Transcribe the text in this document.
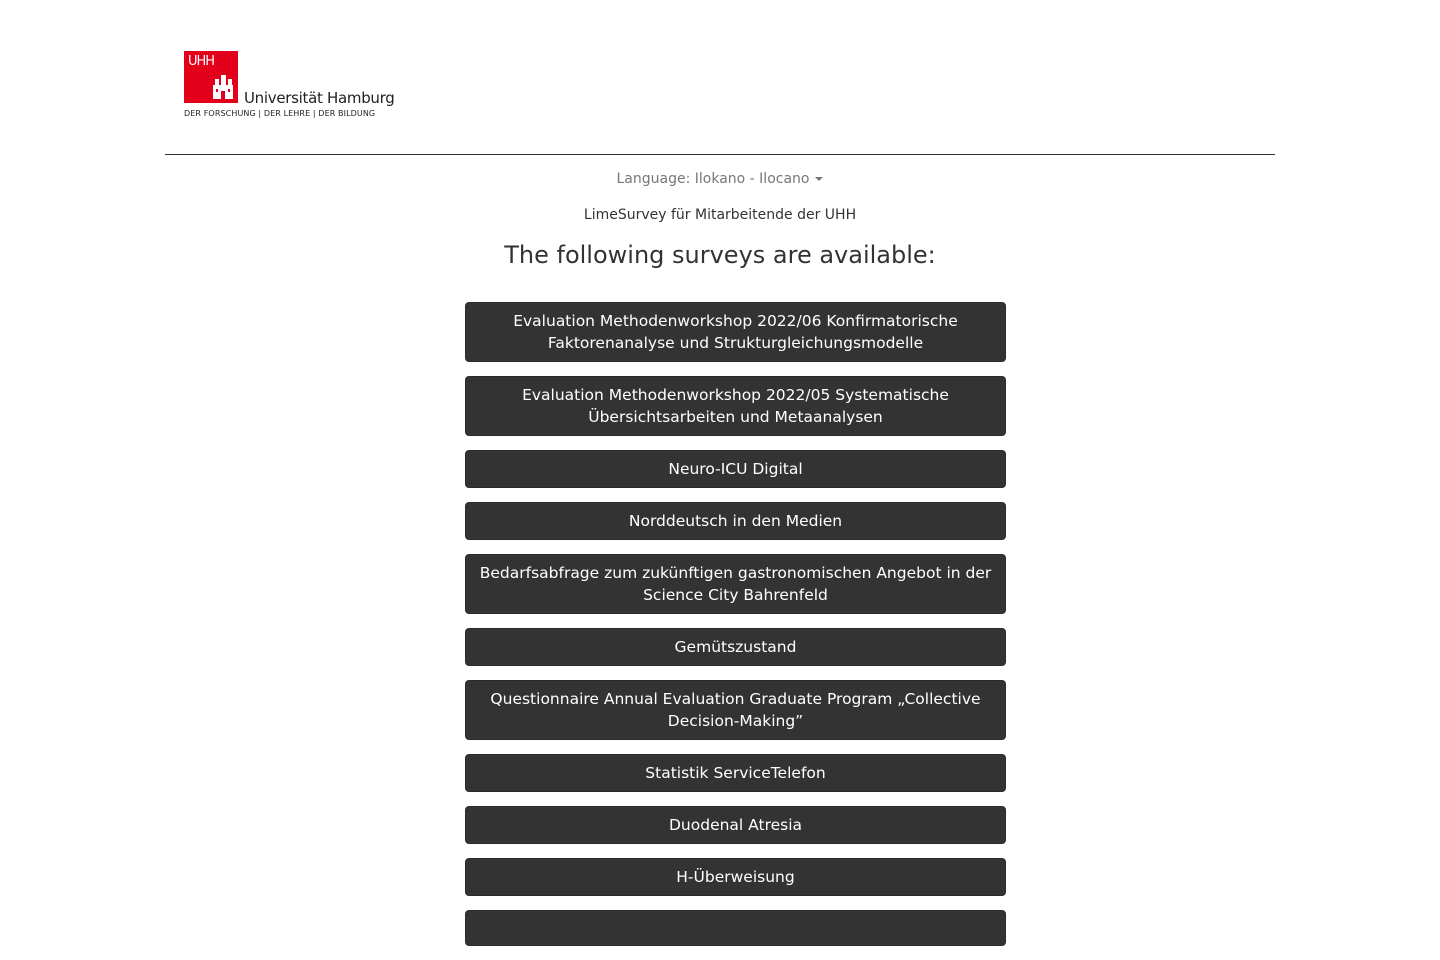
UHH
Universität Hamburg
DER FORSCHUNG | DER LEHRE | DER BILDUNG
Language: Ilokano - Ilocano
LimeSurvey für Mitarbeitende der UHH
The following surveys are available:
Evaluation Methodenworkshop 2022/06 Konfirmatorische Faktorenanalyse und Strukturgleichungsmodelle
Evaluation Methodenworkshop 2022/05 Systematische Übersichtsarbeiten und Metaanalysen
Neuro-ICU Digital
Norddeutsch in den Medien
Bedarfsabfrage zum zukünftigen gastronomischen Angebot in der Science City Bahrenfeld
Gemütszustand
Questionnaire Annual Evaluation Graduate Program „Collective Decision-Making”
Statistik ServiceTelefon
Duodenal Atresia
H-Überweisung
